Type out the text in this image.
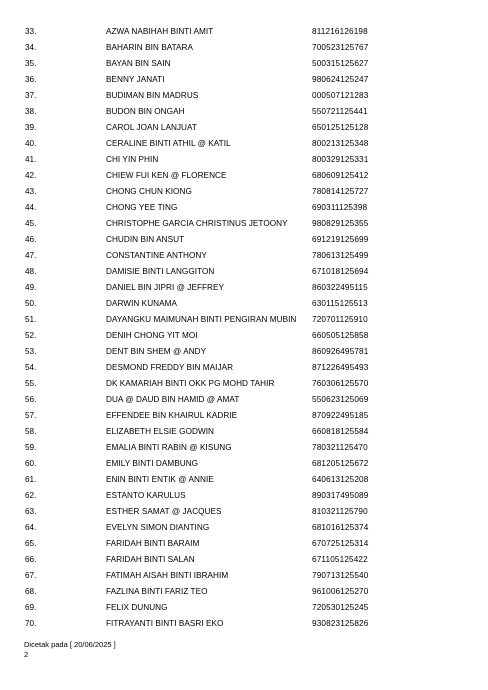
33.	AZWA NABIHAH BINTI AMIT	811216126198
34.	BAHARIN BIN BATARA	700523125767
35.	BAYAN BIN SAIN	500315125627
36.	BENNY JANATI	980624125247
37.	BUDIMAN BIN MADRUS	000507121283
38.	BUDON BIN ONGAH	550721125441
39.	CAROL JOAN LANJUAT	650125125128
40.	CERALINE BINTI ATHIL @ KATIL	800213125348
41.	CHI YIN PHIN	800329125331
42.	CHIEW FUI KEN @ FLORENCE	680609125412
43.	CHONG CHUN KIONG	780814125727
44.	CHONG YEE TING	690311125398
45.	CHRISTOPHE GARCIA CHRISTINUS JETOONY	980829125355
46.	CHUDIN BIN ANSUT	691219125699
47.	CONSTANTINE ANTHONY	780613125499
48.	DAMISIE BINTI LANGGITON	671018125694
49.	DANIEL BIN JIPRI @ JEFFREY	860322495115
50.	DARWIN KUNAMA	630115125513
51.	DAYANGKU MAIMUNAH BINTI PENGIRAN MUBIN	720701125910
52.	DENIH CHONG YIT MOI	660505125858
53.	DENT BIN SHEM @ ANDY	860926495781
54.	DESMOND FREDDY BIN MAIJAR	871226495493
55.	DK KAMARIAH BINTI OKK PG MOHD TAHIR	760306125570
56.	DUA @ DAUD BIN HAMID @ AMAT	550623125069
57.	EFFENDEE BIN KHAIRUL KADRIE	870922495185
58.	ELIZABETH ELSIE GODWIN	660818125584
59.	EMALIA BINTI RABIN @ KISUNG	780321125470
60.	EMILY BINTI DAMBUNG	681205125672
61.	ENIN BINTI ENTIK @ ANNIE	640613125208
62.	ESTANTO KARULUS	890317495089
63.	ESTHER SAMAT @ JACQUES	810321125790
64.	EVELYN SIMON DIANTING	681016125374
65.	FARIDAH BINTI BARAIM	670725125314
66.	FARIDAH BINTI SALAN	671105125422
67.	FATIMAH AISAH BINTI IBRAHIM	790713125540
68.	FAZLINA BINTI FARIZ TEO	961006125270
69.	FELIX DUNUNG	720530125245
70.	FITRAYANTI BINTI BASRI EKO	930823125826
Dicetak pada [ 20/06/2025 ]
2
